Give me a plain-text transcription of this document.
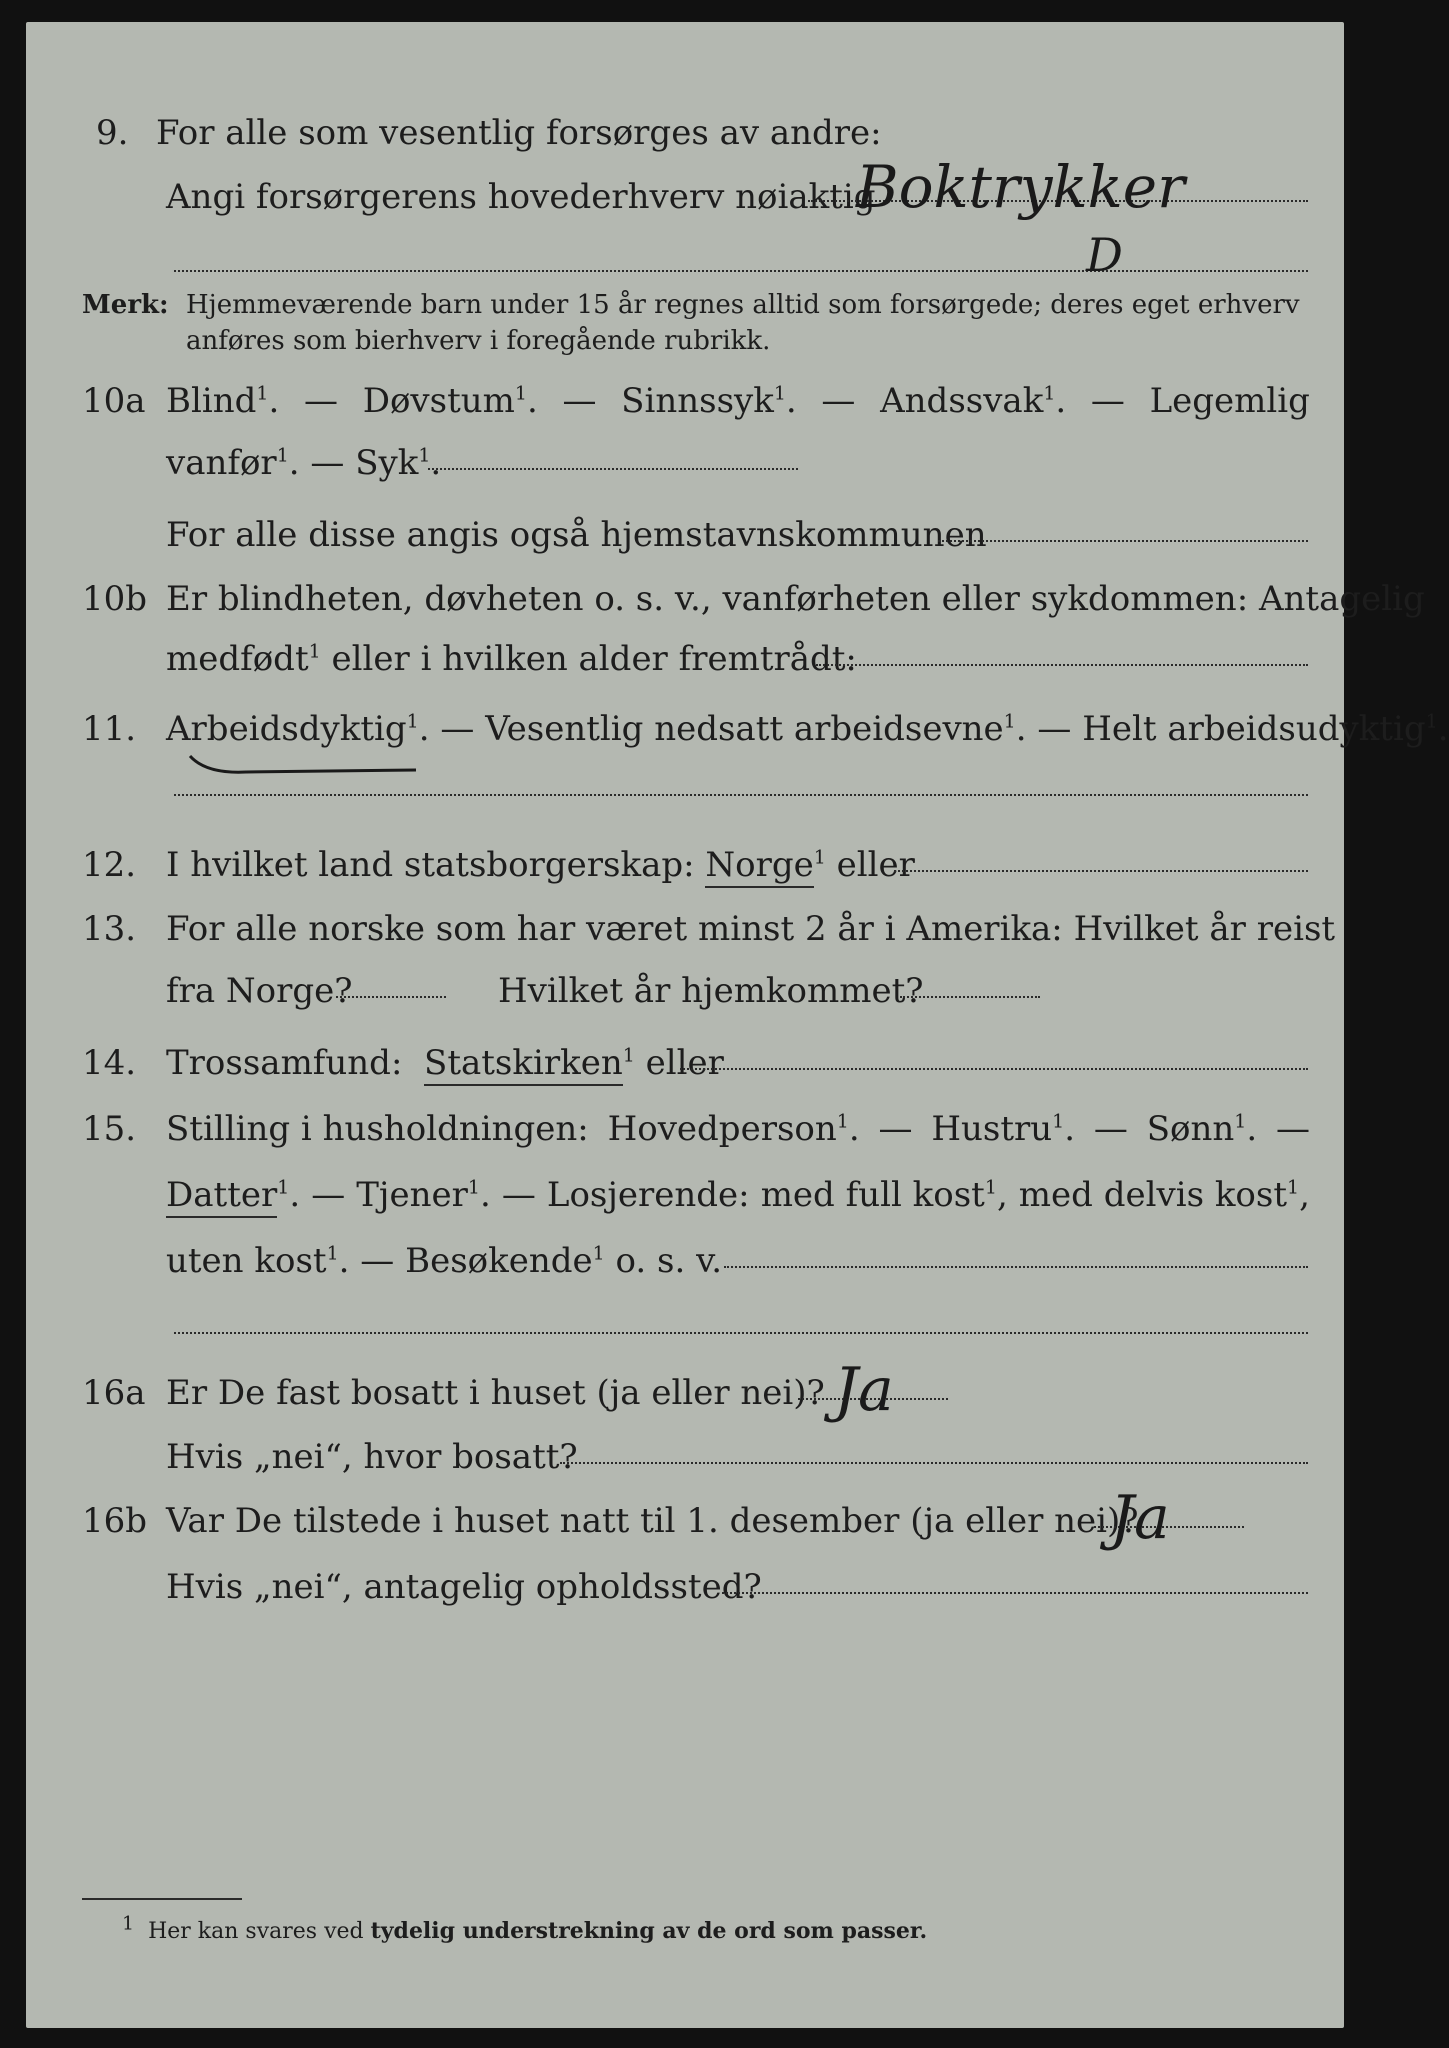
9. For alle som vesentlig forsørges av andre:
Angi forsørgerens hovederhverv nøiaktig
Boktrykker
D
Merk: Hjemmeværende barn under 15 år regnes alltid som forsørgede; deres eget erhverv
anføres som bierhverv i foregående rubrikk.
10a Blind$^1$. — Døvstum$^1$. — Sinnssyk$^1$. — Andssvak$^1$. — Legemlig
vanfør$^1$. — Syk$^1$.
For alle disse angis også hjemstavnskommunen
10b Er blindheten, døvheten o. s. v., vanførheten eller sykdommen: Antagelig
medfødt$^1$ eller i hvilken alder fremtrådt:
11. Arbeidsdyktig$^1$. — Vesentlig nedsatt arbeidsevne$^1$. — Helt arbeidsudyktig$^1$.
12. I hvilket land statsborgerskap: Norge$^1$ eller
13. For alle norske som har været minst 2 år i Amerika: Hvilket år reist
fra Norge?	Hvilket år hjemkommet?
14. Trossamfund: Statskirken$^1$ eller
15. Stilling i husholdningen: Hovedperson$^1$. — Hustru$^1$. — Sønn$^1$. —
Datter$^1$. — Tjener$^1$. — Losjerende: med full kost$^1$, med delvis kost$^1$,
uten kost$^1$. — Besøkende$^1$ o. s. v.
16a Er De fast bosatt i huset (ja eller nei)? Ja
Hvis „nei“, hvor bosatt?
16b Var De tilstede i huset natt til 1. desember (ja eller nei)?
Ja
Hvis „nei“, antagelig opholdssted?
1 Her kan svares ved tydelig understrekning av de ord som passer.
